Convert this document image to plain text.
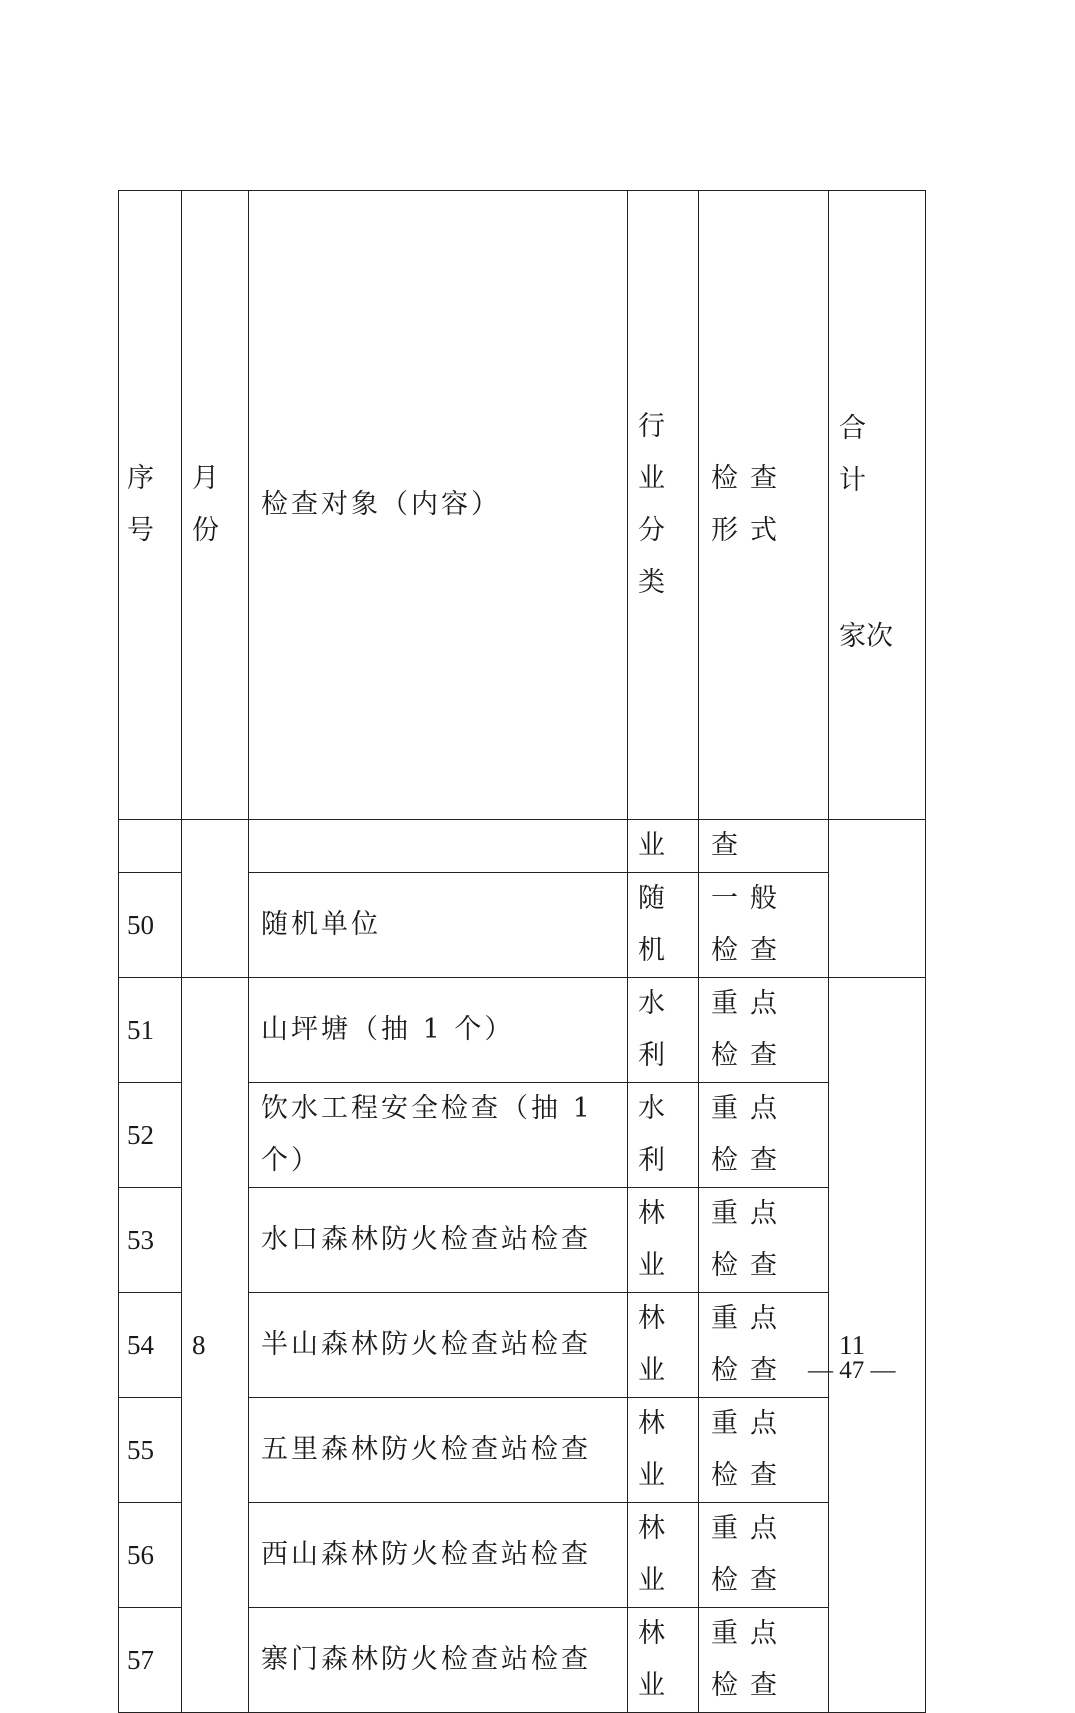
序号	月份	检查对象（内容）	行业分类	检查形式	合计

家次

			业	查	

50		随机单位	随机	一般检查	

51	8	山坪塘（抽 1 个）	水利	重点检查	11
52		饮水工程安全检查（抽 1 个）	水利	重点检查	

53		水口森林防火检查站检查	林业	重点检查	

54		半山森林防火检查站检查	林业	重点检查	

55		五里森林防火检查站检查	林业	重点检查	

56		西山森林防火检查站检查	林业	重点检查	

57		寨门森林防火检查站检查	林业	重点检查	
— 47 —
